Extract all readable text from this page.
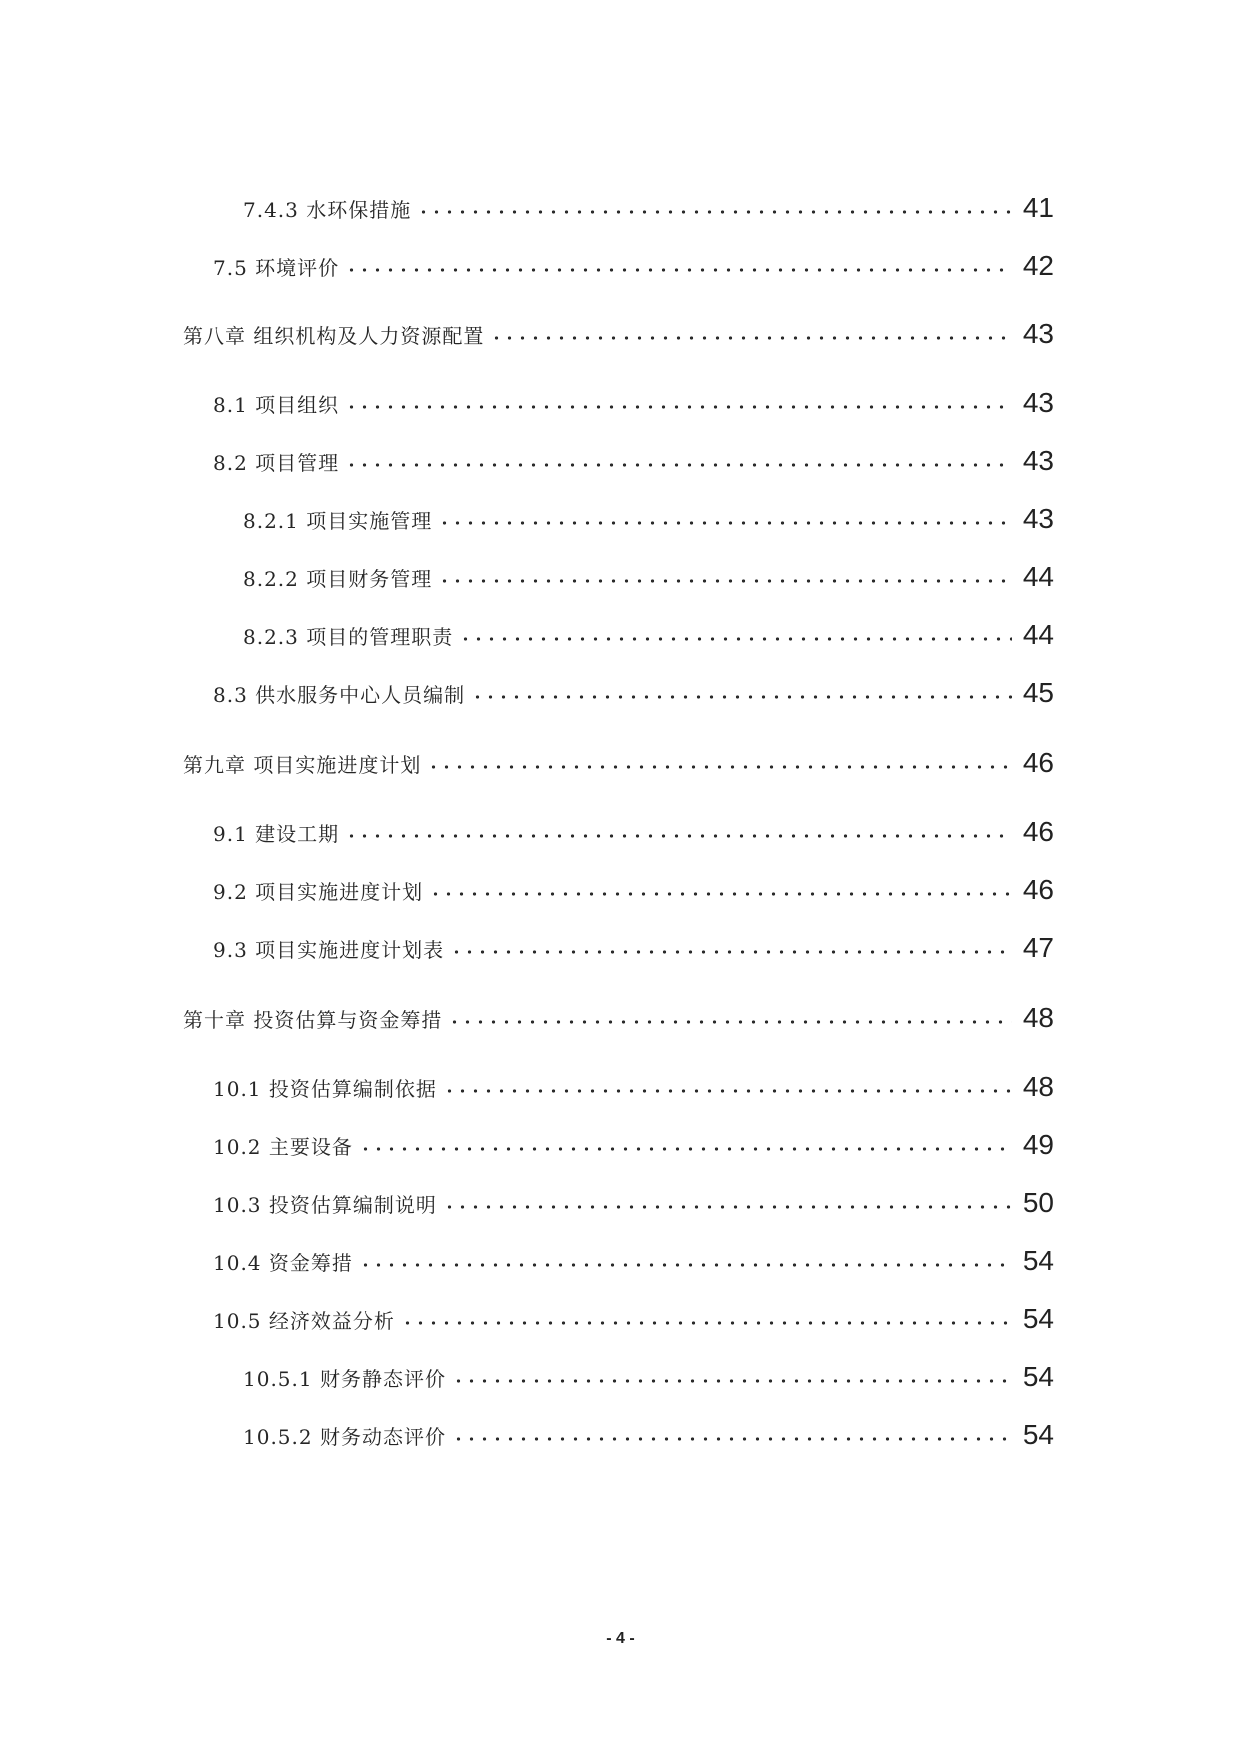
7.4.3 水环保措施	41
7.5 环境评价	42
第八章 组织机构及人力资源配置	43
8.1 项目组织	43
8.2 项目管理	43
8.2.1 项目实施管理	43
8.2.2 项目财务管理	44
8.2.3 项目的管理职责	44
8.3 供水服务中心人员编制	45
第九章 项目实施进度计划	46
9.1 建设工期	46
9.2 项目实施进度计划	46
9.3 项目实施进度计划表	47
第十章 投资估算与资金筹措	48
10.1 投资估算编制依据	48
10.2 主要设备	49
10.3 投资估算编制说明	50
10.4 资金筹措	54
10.5 经济效益分析	54
10.5.1 财务静态评价	54
10.5.2 财务动态评价	54
- 4 -
